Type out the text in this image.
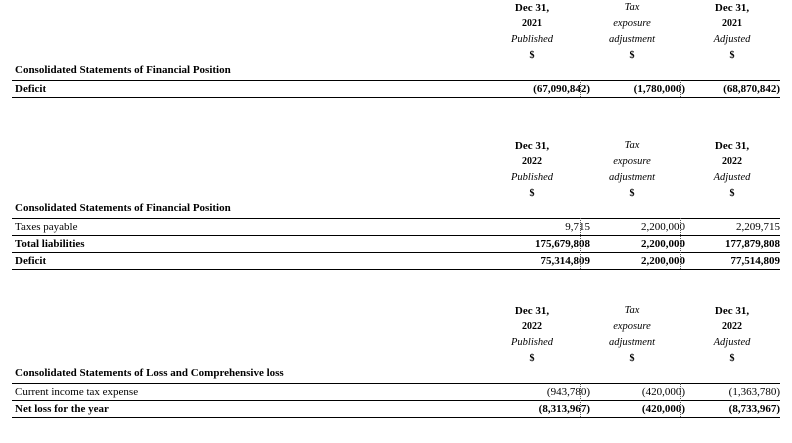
Dec 31,
2021
Published
$
Tax
exposure
adjustment
$
Dec 31,
2021
Adjusted
$
Consolidated Statements of Financial Position
Deficit	(67,090,842)	(1,780,000)	(68,870,842)
Dec 31,
2022
Published
$
Tax
exposure
adjustment
$
Dec 31,
2022
Adjusted
$
Consolidated Statements of Financial Position
Taxes payable	9,715	2,200,000	2,209,715
Total liabilities	175,679,808	2,200,000	177,879,808
Deficit	75,314,809	2,200,000	77,514,809
Dec 31,
2022
Published
$
Tax
exposure
adjustment
$
Dec 31,
2022
Adjusted
$
Consolidated Statements of Loss and Comprehensive loss
Current income tax expense	(943,780)	(420,000)	(1,363,780)
Net loss for the year	(8,313,967)	(420,000)	(8,733,967)
